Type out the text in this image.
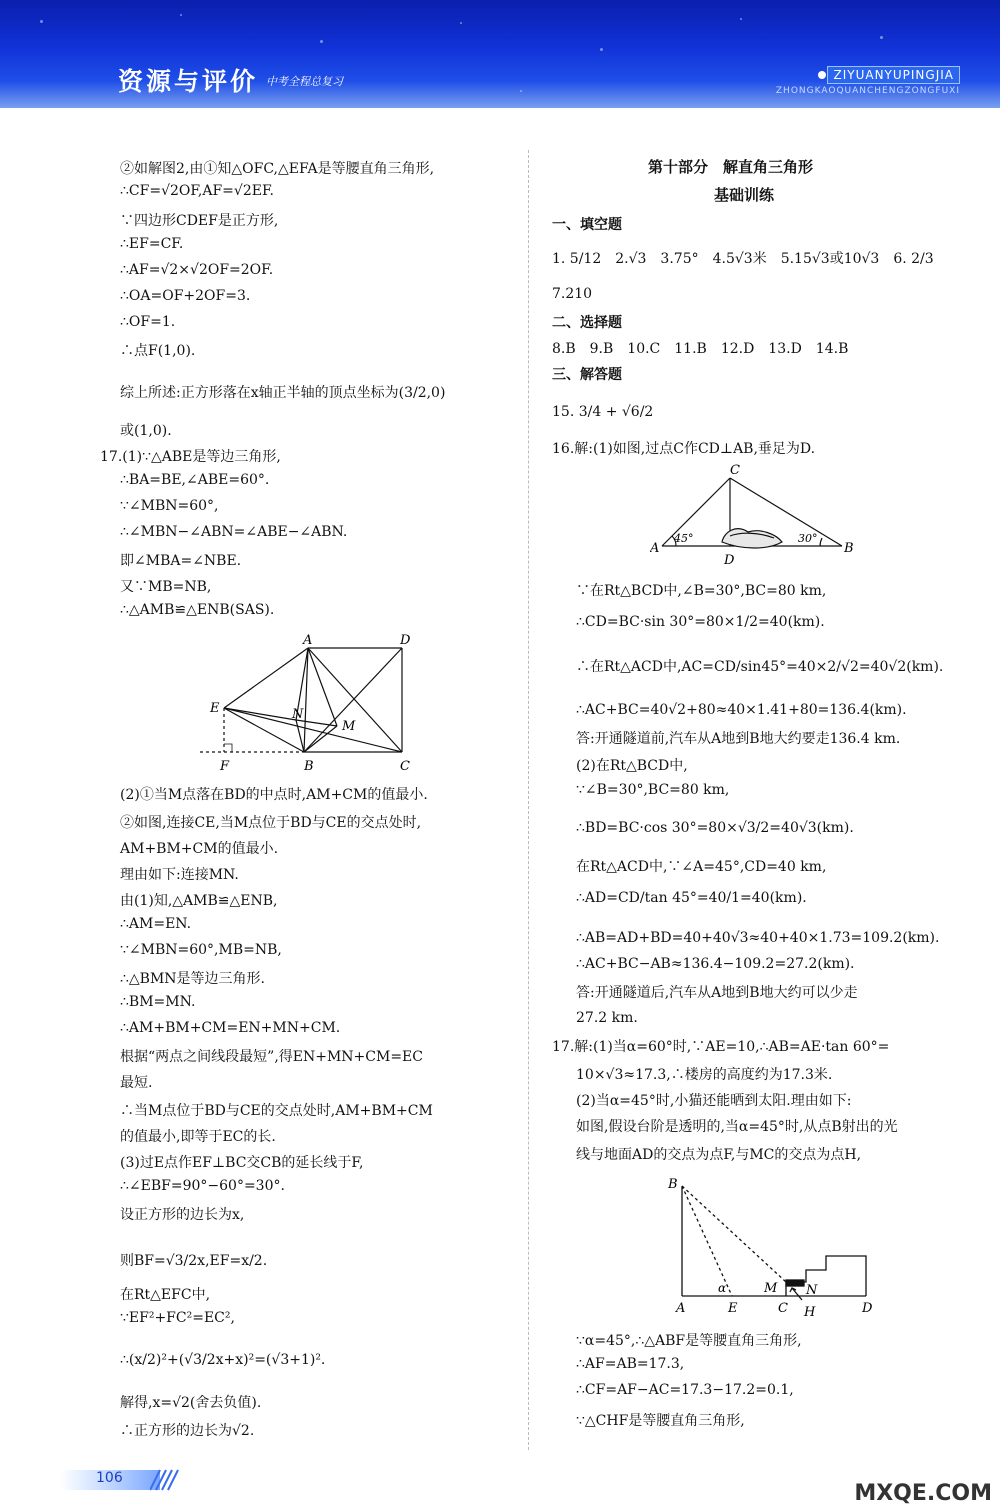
资源与评价 中考全程总复习	ZIYUANYUPINGJIA
ZHONGKAOQUANCHENGZONGFUXI

②如解图2,由①知△OFC,△EFA是等腰直角三角形,

∴CF=√2OF,AF=√2EF.

∵四边形CDEF是正方形,

∴EF=CF.

∴AF=√2×√2OF=2OF.

∴OA=OF+2OF=3.

∴OF=1.

∴点F(1,0).

综上所述:正方形落在x轴正半轴的顶点坐标为(3/2,0)

或(1,0).

17.(1)∵△ABE是等边三角形,

∴BA=BE,∠ABE=60°.

∵∠MBN=60°,

∴∠MBN−∠ABN=∠ABE−∠ABN.

即∠MBA=∠NBE.

又∵MB=NB,

∴△AMB≌△ENB(SAS).

(2)①当M点落在BD的中点时,AM+CM的值最小.

②如图,连接CE,当M点位于BD与CE的交点处时,

AM+BM+CM的值最小.

理由如下:连接MN.

由(1)知,△AMB≌△ENB,

∴AM=EN.

∵∠MBN=60°,MB=NB,

∴△BMN是等边三角形.

∴BM=MN.

∴AM+BM+CM=EN+MN+CM.

根据“两点之间线段最短”,得EN+MN+CM=EC

最短.

∴当M点位于BD与CE的交点处时,AM+BM+CM

的值最小,即等于EC的长.

(3)过E点作EF⊥BC交CB的延长线于F,

∴∠EBF=90°−60°=30°.

设正方形的边长为x,

则BF=√3/2x,EF=x/2.

在Rt△EFC中,

∵EF²+FC²=EC²,

∴(x/2)²+(√3/2x+x)²=(√3+1)².

解得,x=√2(舍去负值).

∴正方形的边长为√2.

A	D
E	N
M
F	B	C

第十部分　解直角三角形

基础训练

一、填空题

1. 5/12　2.√3　3.75°　4.5√3米　5.15√3或10√3　6. 2/3

7.210

二、选择题

8.B　9.B　10.C　11.B　12.D　13.D　14.B

三、解答题

15. 3/4 + √6/2

16.解:(1)如图,过点C作CD⊥AB,垂足为D.

∵在Rt△BCD中,∠B=30°,BC=80 km,

∴CD=BC·sin 30°=80×1/2=40(km).

∴在Rt△ACD中,AC=CD/sin45°=40×2/√2=40√2(km).

∴AC+BC=40√2+80≈40×1.41+80=136.4(km).

答:开通隧道前,汽车从A地到B地大约要走136.4 km.

(2)在Rt△BCD中,

∵∠B=30°,BC=80 km,

∴BD=BC·cos 30°=80×√3/2=40√3(km).

在Rt△ACD中,∵∠A=45°,CD=40 km,

∴AD=CD/tan 45°=40/1=40(km).

∴AB=AD+BD=40+40√3≈40+40×1.73=109.2(km).

∴AC+BC−AB≈136.4−109.2=27.2(km).

答:开通隧道后,汽车从A地到B地大约可以少走

27.2 km.

17.解:(1)当α=60°时,∵AE=10,∴AB=AE·tan 60°=

10×√3≈17.3,∴楼房的高度约为17.3米.

(2)当α=45°时,小猫还能晒到太阳.理由如下:

如图,假设台阶是透明的,当α=45°时,从点B射出的光

线与地面AD的交点为点F,与MC的交点为点H,

∵α=45°,∴△ABF是等腰直角三角形,

∴AF=AB=17.3,

∴CF=AF−AC=17.3−17.2=0.1,

∵△CHF是等腰直角三角形,

C
A	B
D
45°	30°
B
A	E
α	M N
C H	D
106
MXQE.COM
